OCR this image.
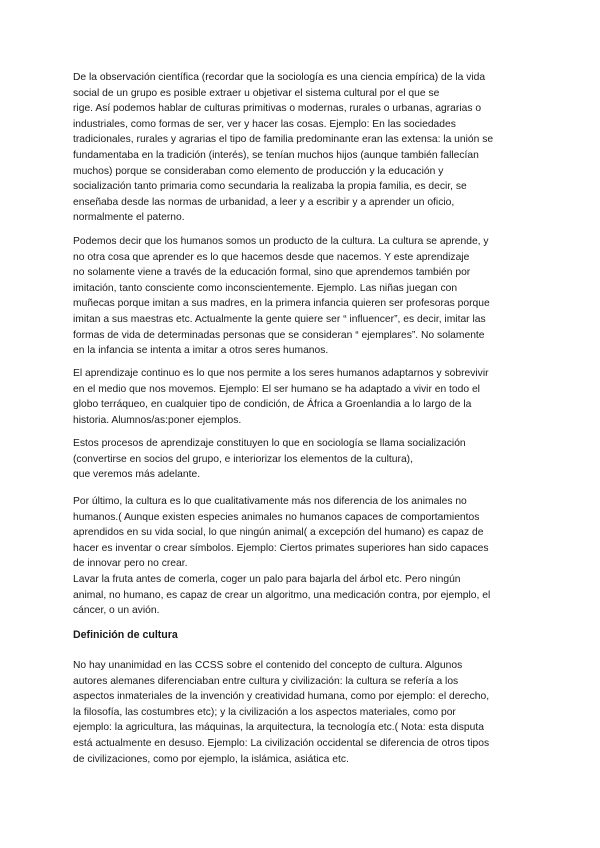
De la observación científica (recordar que la sociología es una ciencia empírica) de la vida
social de un grupo es posible extraer u objetivar el sistema cultural por el que se
rige. Así podemos hablar de culturas primitivas o modernas, rurales o urbanas, agrarias o
industriales, como formas de ser, ver y hacer las cosas. Ejemplo: En las sociedades
tradicionales, rurales y agrarias el tipo de familia predominante eran las extensa: la unión se
fundamentaba en la tradición (interés), se tenían muchos hijos (aunque también fallecían
muchos) porque se consideraban como elemento de producción y la educación y
socialización tanto primaria como secundaria la realizaba la propia familia, es decir, se
enseñaba desde las normas de urbanidad, a leer y a escribir y a aprender un oficio,
normalmente el paterno.

Podemos decir que los humanos somos un producto de la cultura. La cultura se aprende, y
no otra cosa que aprender es lo que hacemos desde que nacemos. Y este aprendizaje
no solamente viene a través de la educación formal, sino que aprendemos también por
imitación, tanto consciente como inconscientemente. Ejemplo. Las niñas juegan con
muñecas porque imitan a sus madres, en la primera infancia quieren ser profesoras porque
imitan a sus maestras etc. Actualmente la gente quiere ser “ influencer”, es decir, imitar las
formas de vida de determinadas personas que se consideran “ ejemplares”. No solamente
en la infancia se intenta a imitar a otros seres humanos.

El aprendizaje continuo es lo que nos permite a los seres humanos adaptarnos y sobrevivir
en el medio que nos movemos. Ejemplo: El ser humano se ha adaptado a vivir en todo el
globo terráqueo, en cualquier tipo de condición, de África a Groenlandia a lo largo de la
historia. Alumnos/as:poner ejemplos.

Estos procesos de aprendizaje constituyen lo que en sociología se llama socialización
(convertirse en socios del grupo, e interiorizar los elementos de la cultura),
que veremos más adelante.

Por último, la cultura es lo que cualitativamente más nos diferencia de los animales no
humanos.( Aunque existen especies animales no humanos capaces de comportamientos
aprendidos en su vida social, lo que ningún animal( a excepción del humano) es capaz de
hacer es inventar o crear símbolos. Ejemplo: Ciertos primates superiores han sido capaces
de innovar pero no crear.
Lavar la fruta antes de comerla, coger un palo para bajarla del árbol etc. Pero ningún
animal, no humano, es capaz de crear un algoritmo, una medicación contra, por ejemplo, el
cáncer, o un avión.

Definición de cultura

No hay unanimidad en las CCSS sobre el contenido del concepto de cultura. Algunos
autores alemanes diferenciaban entre cultura y civilización: la cultura se refería a los
aspectos inmateriales de la invención y creatividad humana, como por ejemplo: el derecho,
la filosofía, las costumbres etc); y la civilización a los aspectos materiales, como por
ejemplo: la agricultura, las máquinas, la arquitectura, la tecnología etc.( Nota: esta disputa
está actualmente en desuso. Ejemplo: La civilización occidental se diferencia de otros tipos
de civilizaciones, como por ejemplo, la islámica, asiática etc.
